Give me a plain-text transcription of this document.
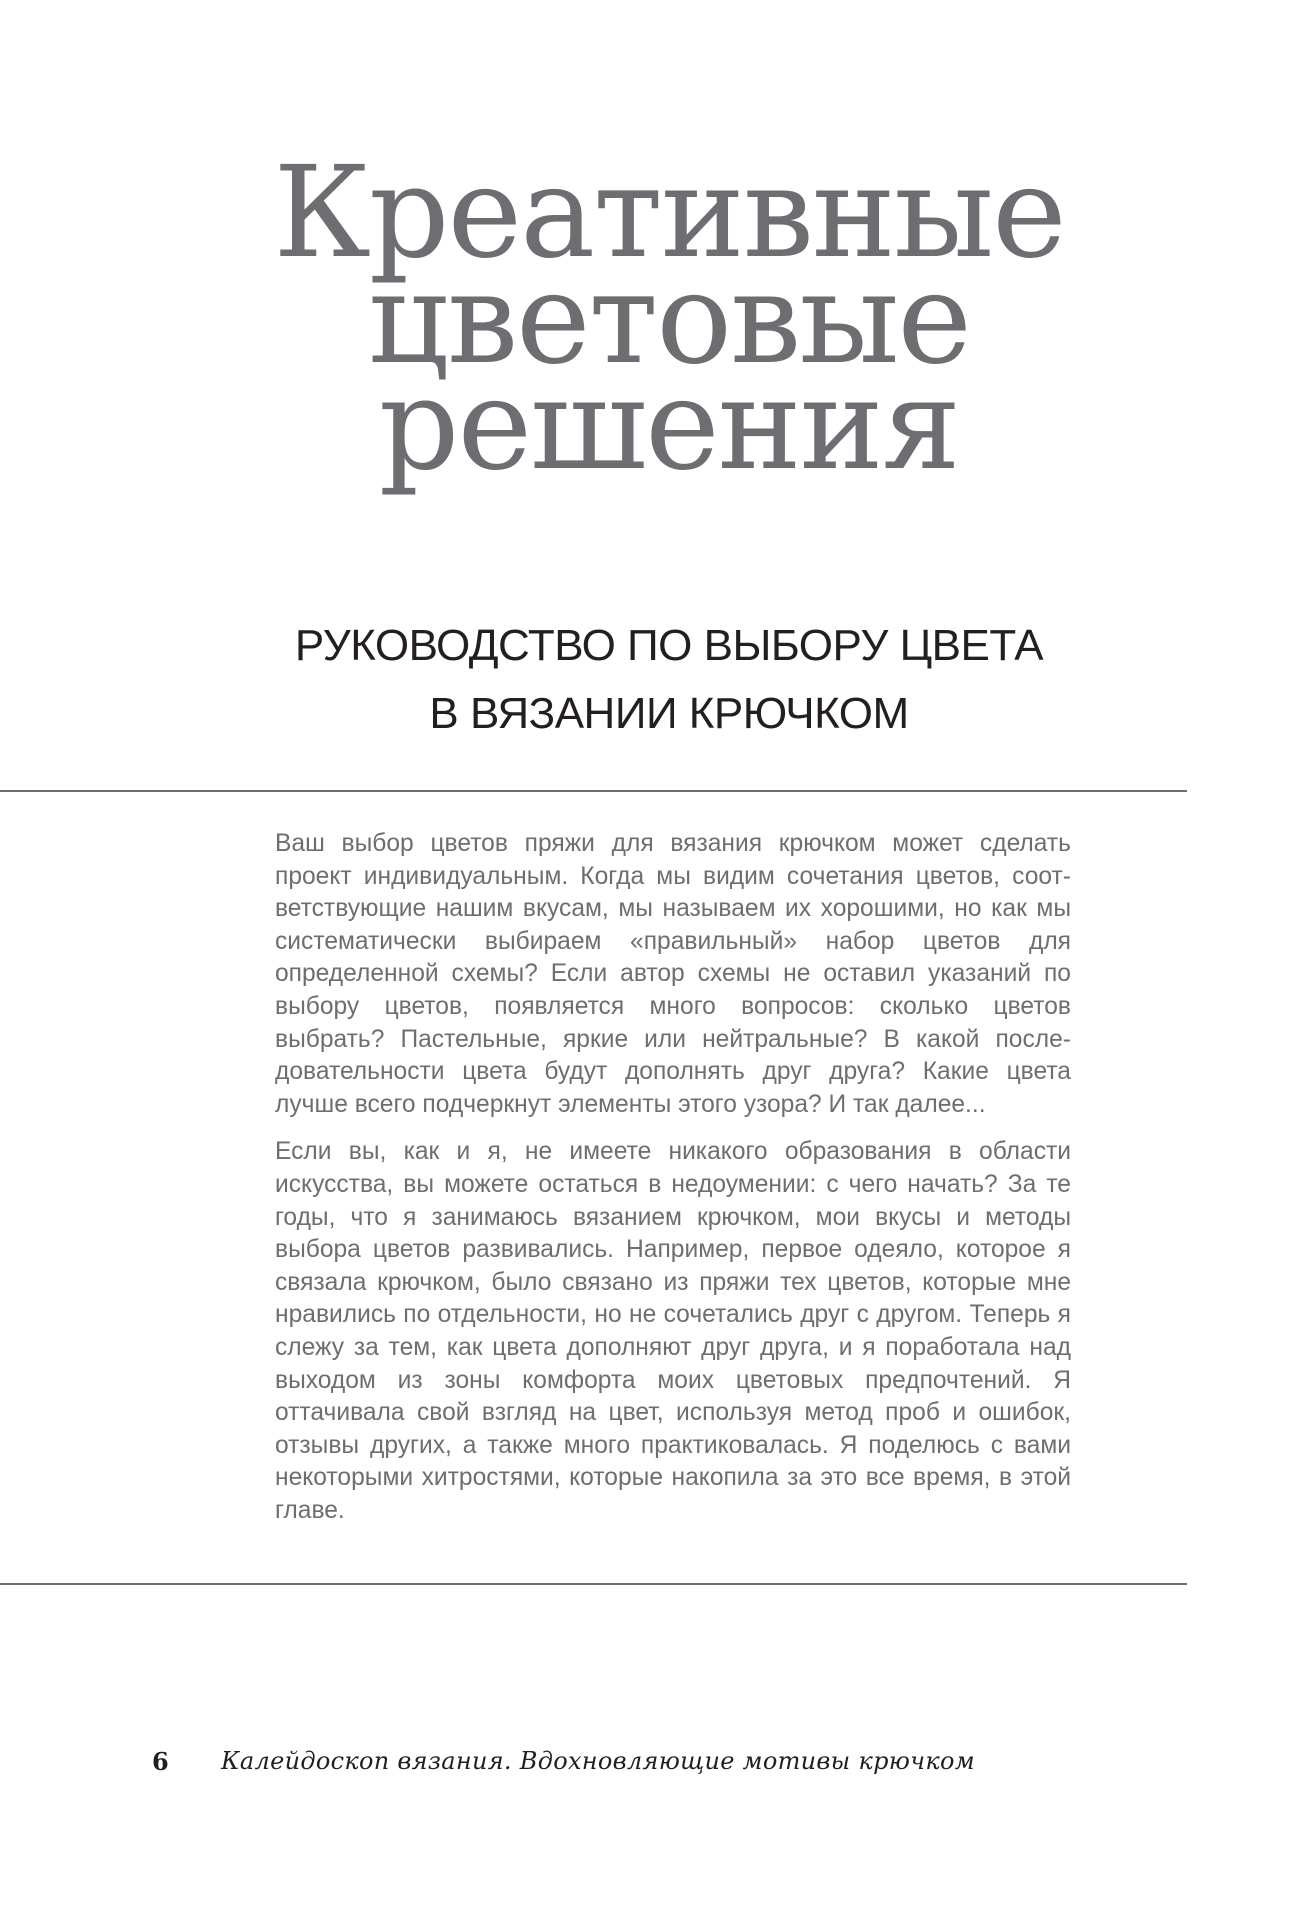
Креативные
цветовые
решения
РУКОВОДСТВО ПО ВЫБОРУ ЦВЕТА
В ВЯЗАНИИ КРЮЧКОМ

Ваш выбор цветов пряжи для вязания крючком может сделать проект индивидуальным. Когда мы видим сочетания цветов, соответствующие нашим вкусам, мы называем их хорошими, но как мы систематически выбираем «правильный» набор цветов для определенной схемы? Если автор схемы не оставил указаний по выбору цветов, появляется много вопросов: сколько цветов выбрать? Пастельные, яркие или нейтральные? В какой последовательности цвета будут дополнять друг друга? Какие цвета лучше всего подчеркнут элементы этого узора? И так далее...

Если вы, как и я, не имеете никакого образования в области искусства, вы можете остаться в недоумении: с чего начать? За те годы, что я занимаюсь вязанием крючком, мои вкусы и методы выбора цветов развивались. Например, первое одеяло, которое я связала крючком, было связано из пряжи тех цветов, которые мне нравились по отдельности, но не сочетались друг с другом. Теперь я слежу за тем, как цвета дополняют друг друга, и я поработала над выходом из зоны комфорта моих цветовых предпочтений. Я оттачивала свой взгляд на цвет, используя метод проб и ошибок, отзывы других, а также много практиковалась. Я поделюсь с вами некоторыми хитростями, которые накопила за это все время, в этой главе.

6 Калейдоскоп вязания. Вдохновляющие мотивы крючком
